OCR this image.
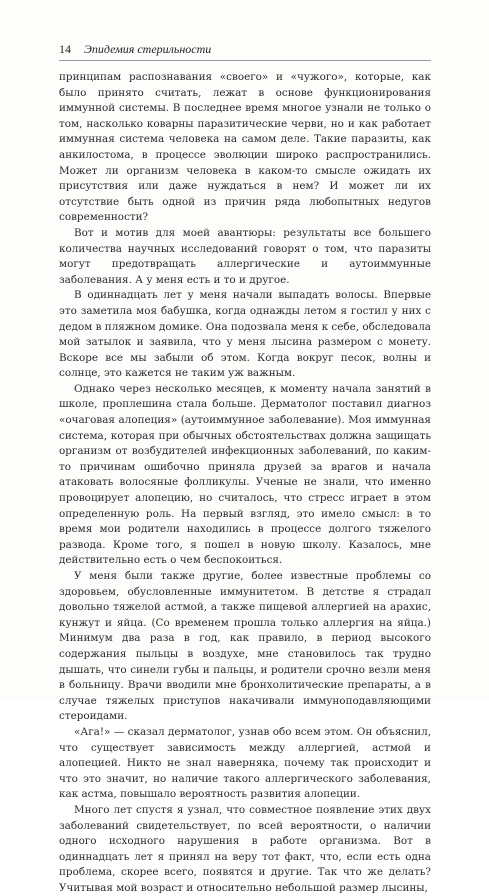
14 Эпидемия стерильности

принципам распознавания «своего» и «чужого», которые, как было принято считать, лежат в основе функционирования иммунной системы. В последнее время многое узнали не только о том, насколько коварны паразитические черви, но и как работает иммунная система человека на самом деле. Такие паразиты, как анкилостома, в процессе эволюции широко распространились. Может ли организм человека в каком-то смысле ожидать их присутствия или даже нуждаться в нем? И может ли их отсутствие быть одной из причин ряда любопытных недугов современности?

Вот и мотив для моей авантюры: результаты все большего количества научных исследований говорят о том, что паразиты могут предотвращать аллергические и аутоиммунные заболевания. А у меня есть и то и другое.

В одиннадцать лет у меня начали выпадать волосы. Впервые это заметила моя бабушка, когда однажды летом я гостил у них с дедом в пляжном домике. Она подозвала меня к себе, обследовала мой затылок и заявила, что у меня лысина размером с монету. Вскоре все мы забыли об этом. Когда вокруг песок, волны и солнце, это кажется не таким уж важным.

Однако через несколько месяцев, к моменту начала занятий в школе, проплешина стала больше. Дерматолог поставил диагноз «очаговая алопеция» (аутоиммунное заболевание). Моя иммунная система, которая при обычных обстоятельствах должна защищать организм от возбудителей инфекционных заболеваний, по каким-то причинам ошибочно приняла друзей за врагов и начала атаковать волосяные фолликулы. Ученые не знали, что именно провоцирует алопецию, но считалось, что стресс играет в этом определенную роль. На первый взгляд, это имело смысл: в то время мои родители находились в процессе долгого тяжелого развода. Кроме того, я пошел в новую школу. Казалось, мне действительно есть о чем беспокоиться.

У меня были также другие, более известные проблемы со здоровьем, обусловленные иммунитетом. В детстве я страдал довольно тяжелой астмой, а также пищевой аллергией на арахис, кунжут и яйца. (Со временем прошла только аллергия на яйца.) Минимум два раза в год, как правило, в период высокого содержания пыльцы в воздухе, мне становилось так трудно дышать, что синели губы и пальцы, и родители срочно везли меня в больницу. Врачи вводили мне бронхолитические препараты, а в случае тяжелых приступов накачивали иммуноподавляющими стероидами.

«Ага!» — сказал дерматолог, узнав обо всем этом. Он объяснил, что существует зависимость между аллергией, астмой и алопецией. Никто не знал наверняка, почему так происходит и что это значит, но наличие такого аллергического заболевания, как астма, повышало вероятность развития алопеции.

Много лет спустя я узнал, что совместное появление этих двух заболеваний свидетельствует, по всей вероятности, о наличии одного исходного нарушения в работе организма. Вот в одиннадцать лет я принял на веру тот факт, что, если есть одна проблема, скорее всего, появятся и другие. Так что же делать? Учитывая мой возраст и относительно небольшой размер лысины,
